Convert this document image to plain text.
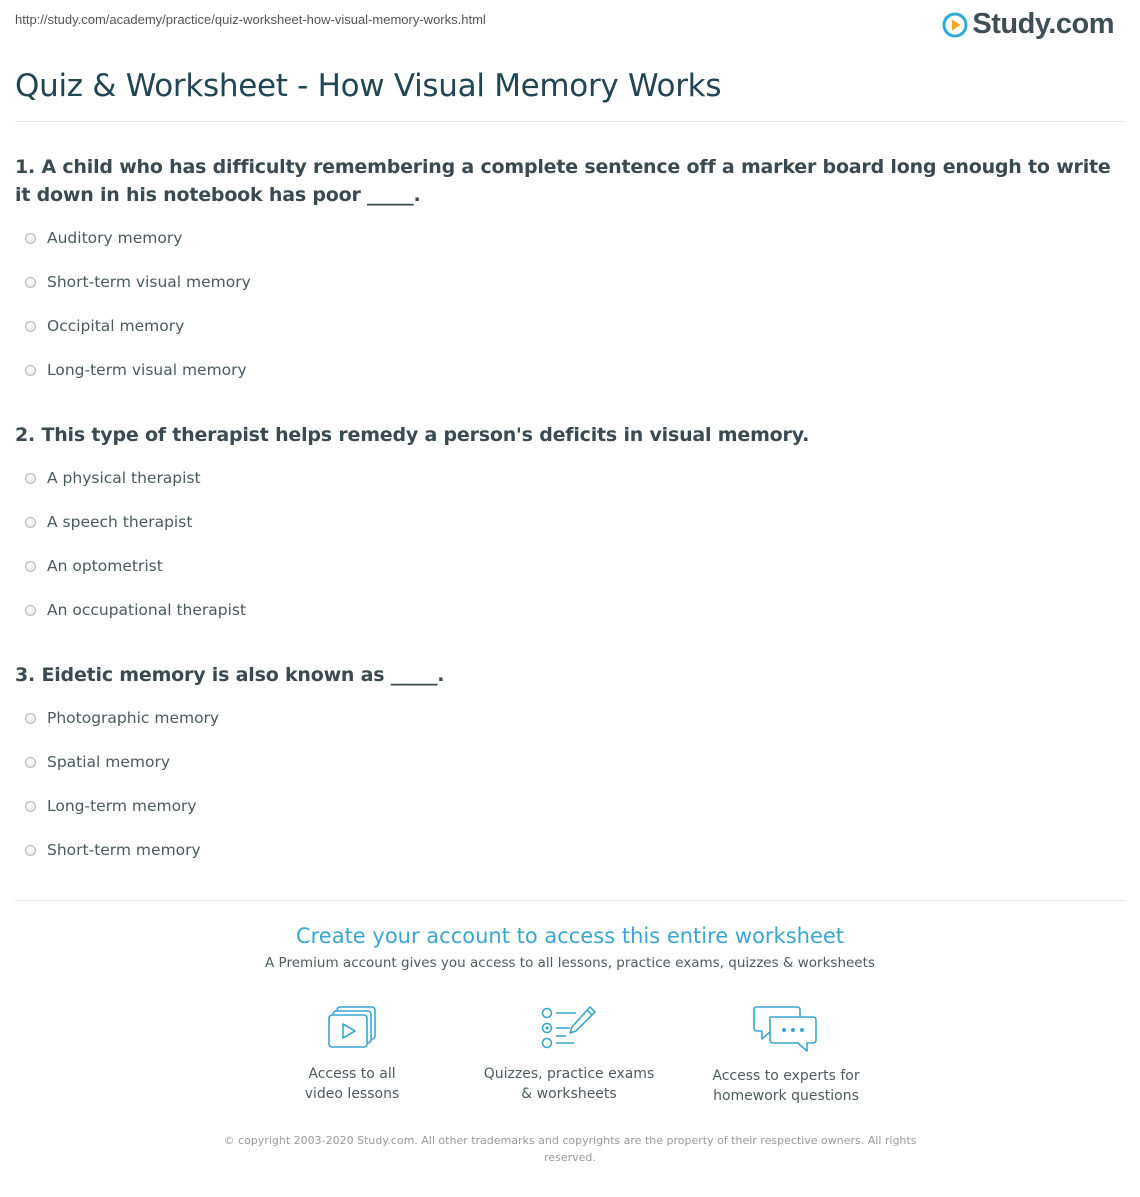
http://study.com/academy/practice/quiz-worksheet-how-visual-memory-works.html	Study.com
Quiz & Worksheet - How Visual Memory Works

1. A child who has difficulty remembering a complete sentence off a marker board long enough to write it down in his notebook has poor _____.

Auditory memory
Short-term visual memory
Occipital memory
Long-term visual memory

2. This type of therapist helps remedy a person's deficits in visual memory.

A physical therapist
A speech therapist
An optometrist
An occupational therapist

3. Eidetic memory is also known as _____.

Photographic memory
Spatial memory
Long-term memory
Short-term memory
Create your account to access this entire worksheet

A Premium account gives you access to all lessons, practice exams, quizzes & worksheets

Access to all
video lessons
Quizzes, practice exams
& worksheets
Access to experts for
homework questions
© copyright 2003-2020 Study.com. All other trademarks and copyrights are the property of their respective owners. All rights
reserved.
